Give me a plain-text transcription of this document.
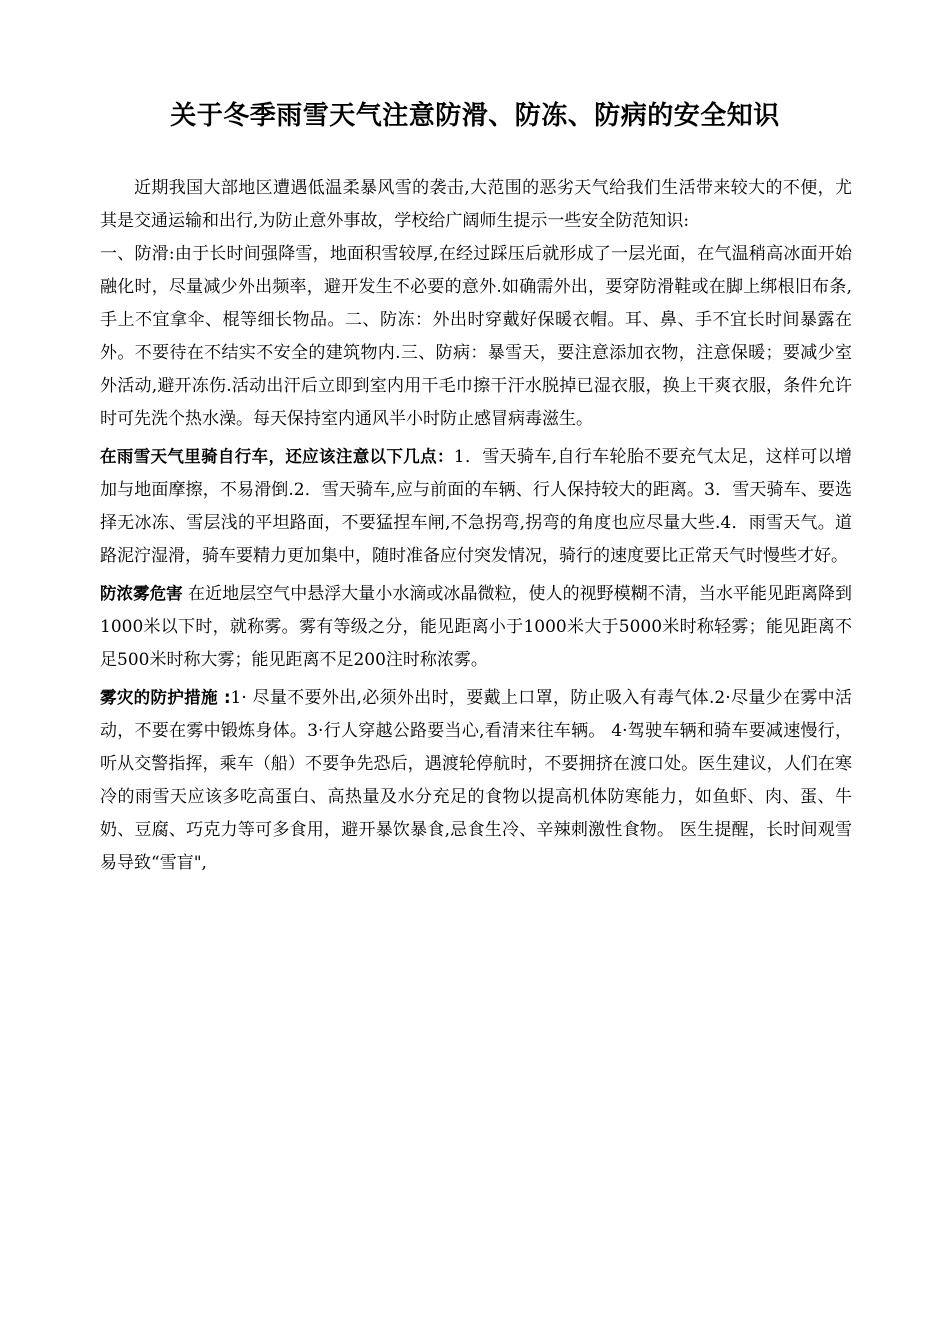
关于冬季雨雪天气注意防滑、防冻、防病的安全知识

近期我国大部地区遭遇低温柔暴风雪的袭击,大范围的恶劣天气给我们生活带来较大的不便，尤其是交通运输和出行,为防止意外事故，学校给广阔师生提示一些安全防范知识:

一、防滑:由于长时间强降雪，地面积雪较厚,在经过踩压后就形成了一层光面，在气温稍高冰面开始融化时，尽量减少外出频率，避开发生不必要的意外.如确需外出，要穿防滑鞋或在脚上绑根旧布条,手上不宜拿伞、棍等细长物品。二、防冻：外出时穿戴好保暖衣帽。耳、鼻、手不宜长时间暴露在外。不要待在不结实不安全的建筑物内.三、防病：暴雪天，要注意添加衣物，注意保暖；要减少室外活动,避开冻伤.活动出汗后立即到室内用干毛巾擦干汗水脱掉已湿衣服，换上干爽衣服，条件允许时可先洗个热水澡。每天保持室内通风半小时防止感冒病毒滋生。

在雨雪天气里骑自行车，还应该注意以下几点：1．雪天骑车,自行车轮胎不要充气太足，这样可以增加与地面摩擦，不易滑倒.2．雪天骑车,应与前面的车辆、行人保持较大的距离。3．雪天骑车、要选择无冰冻、雪层浅的平坦路面，不要猛捏车闸,不急拐弯,拐弯的角度也应尽量大些.4．雨雪天气。道路泥泞湿滑，骑车要精力更加集中，随时准备应付突发情况，骑行的速度要比正常天气时慢些才好。

防浓雾危害 在近地层空气中悬浮大量小水滴或冰晶微粒，使人的视野模糊不清，当水平能见距离降到1000米以下时，就称雾。雾有等级之分，能见距离小于1000米大于5000米时称轻雾；能见距离不足500米时称大雾；能见距离不足200注时称浓雾。

雾灾的防护措施 :1· 尽量不要外出,必须外出时，要戴上口罩，防止吸入有毒气体.2·尽量少在雾中活动，不要在雾中锻炼身体。3·行人穿越公路要当心,看清来往车辆。 4·驾驶车辆和骑车要减速慢行，听从交警指挥，乘车（船）不要争先恐后，遇渡轮停航时，不要拥挤在渡口处。医生建议，人们在寒冷的雨雪天应该多吃高蛋白、高热量及水分充足的食物以提高机体防寒能力，如鱼虾、肉、蛋、牛奶、豆腐、巧克力等可多食用，避开暴饮暴食,忌食生冷、辛辣刺激性食物。 医生提醒，长时间观雪易导致“雪盲",
